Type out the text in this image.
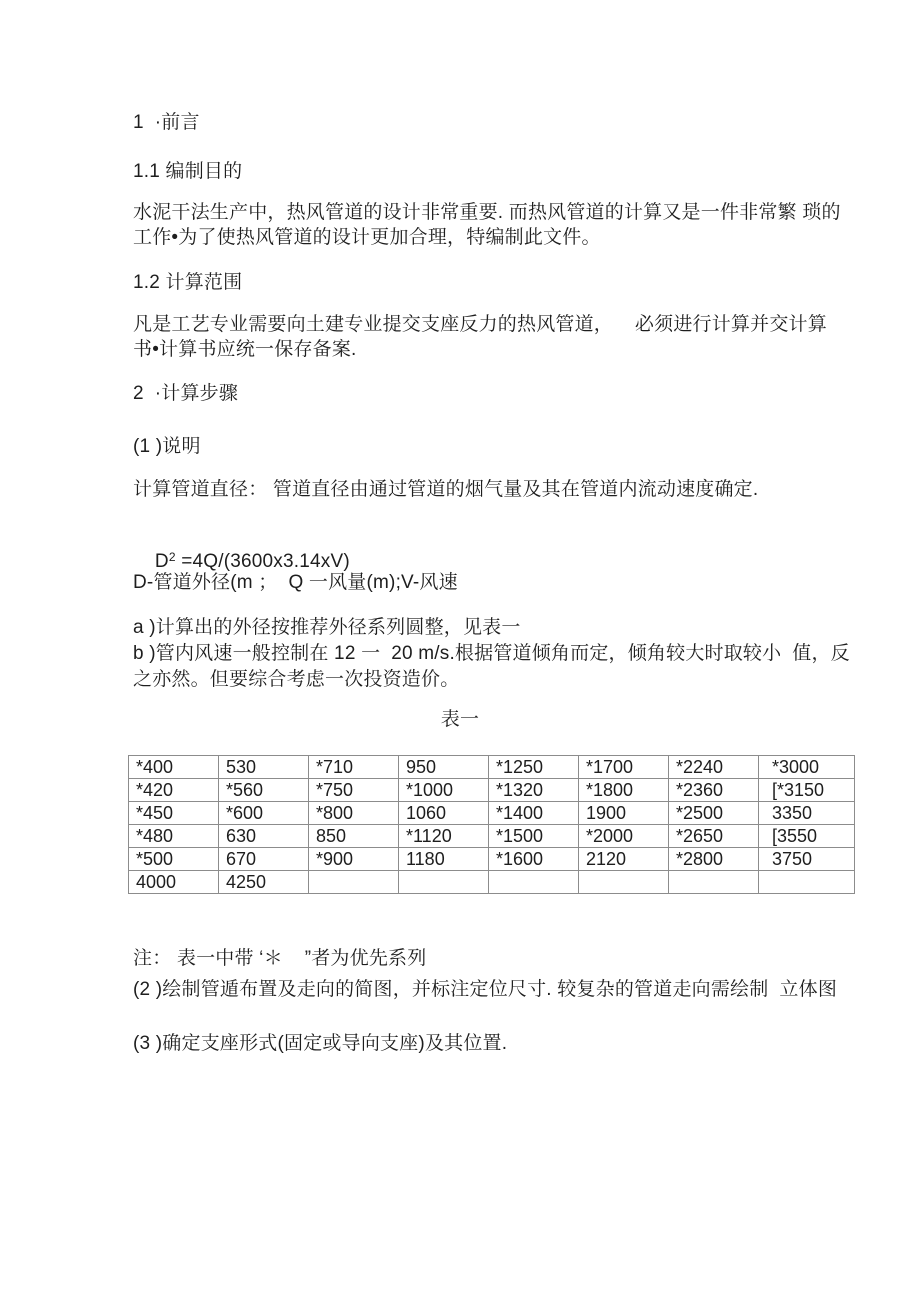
1  ·前言
1.1 编制目的
水泥干法生产中，热风管道的设计非常重要. 而热风管道的计算又是一件非常繁 琐的
工作•为了使热风管道的设计更加合理，特编制此文件。
1.2 计算范围
凡是工艺专业需要向土建专业提交支座反力的热风管道，    必须进行计算并交计算
书•计算书应统一保存备案.
2  ·计算步骤
(1 )说明
计算管道直径： 管道直径由通过管道的烟气量及其在管道内流动速度确定.

$D^2 =4Q/(3600x3.14xV)$

D-管道外径(m ；  Q 一风量(m);V-风速
a )计算出的外径按推荐外径系列圆整，见表一
b )管内风速一般控制在 12 一  20 m/s.根据管道倾角而定，倾角较大时取较小  值，反
之亦然。但要综合考虑一次投资造价。
表一
*400	530	*710	950	*1250	*1700	*2240	*3000
*420	*560	*750	*1000	*1320	*1800	*2360	[*3150
*450	*600	*800	1060	*1400	1900	*2500	3350
*480	630	850	*1120	*1500	*2000	*2650	[3550
*500	670	*900	1180	*1600	2120	*2800	3750
4000	4250						
注： 表一中带 ‘＊    ”者为优先系列
(2 )绘制管遁布置及走向的简图，并标注定位尺寸. 较复杂的管道走向需绘制  立体图
(3 )确定支座形式(固定或导向支座)及其位置.
